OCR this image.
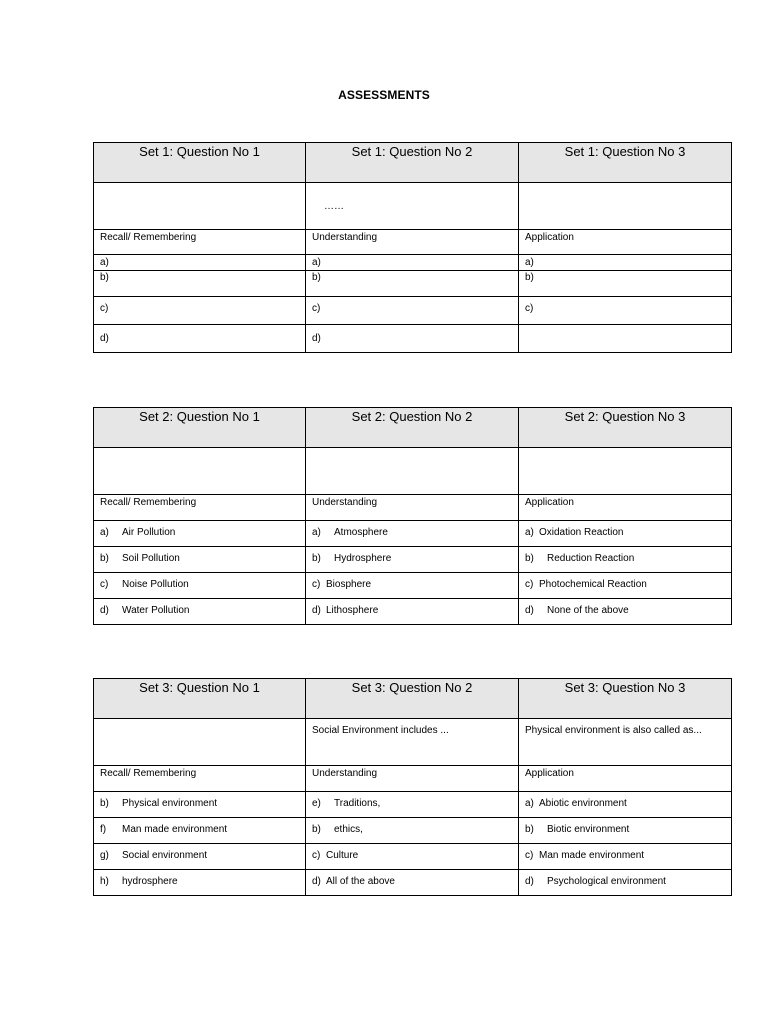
ASSESSMENTS
Set 1: Question No 1	Set 1: Question No 2	Set 1: Question No 3
	……	
Recall/ Remembering	Understanding	Application
a)	a)	a)
b)	b)	b)
c)	c)	c)
d)	d)	
Set 2: Question No 1	Set 2: Question No 2	Set 2: Question No 3

Recall/ Remembering	Understanding	Application
a) Air Pollution	a) Atmosphere	a) Oxidation Reaction
b) Soil Pollution	b) Hydrosphere	b) Reduction Reaction
c) Noise Pollution	c) Biosphere	c) Photochemical Reaction
d) Water Pollution	d) Lithosphere	d) None of the above
Set 3: Question No 1	Set 3: Question No 2	Set 3: Question No 3
	Social Environment includes ...	Physical environment is also called as...
Recall/ Remembering	Understanding	Application
b) Physical environment	e) Traditions,	a) Abiotic environment
f) Man made environment	b) ethics,	b) Biotic environment
g) Social environment	c) Culture	c) Man made environment
h) hydrosphere	d) All of the above	d) Psychological environment
